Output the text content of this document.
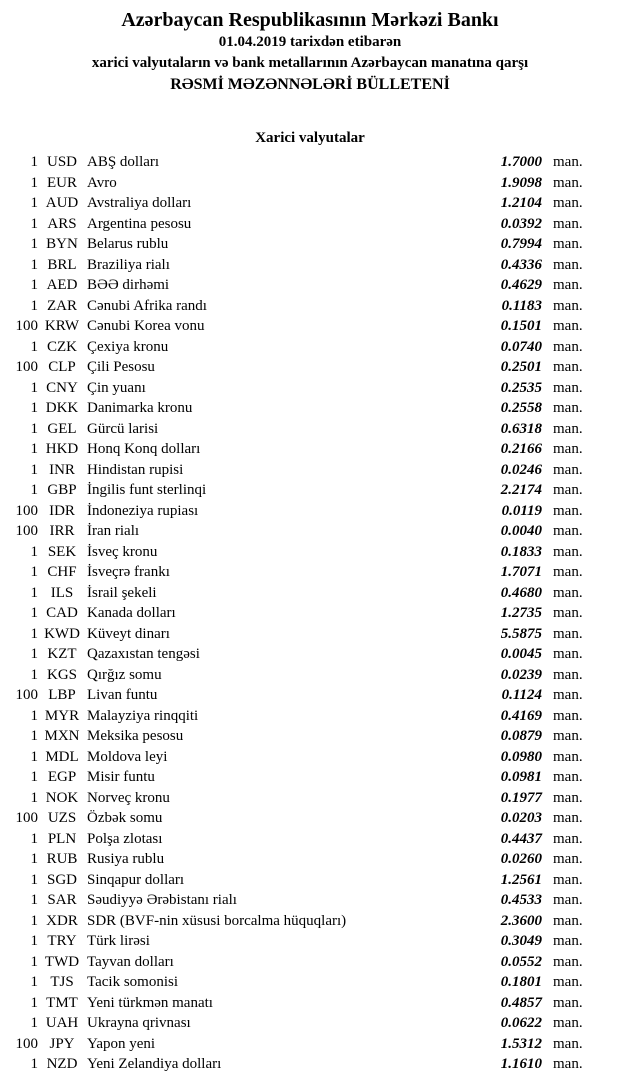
Azərbaycan Respublikasının Mərkəzi Bankı
01.04.2019 tarixdən etibarən
xarici valyutaların və bank metallarının Azərbaycan manatına qarşı
RƏSMİ MƏZƏNNƏLƏRİ BÜLLETENİ
Xarici valyutalar
1 USD ABŞ dolları	1.7000 man.
1 EUR Avro	1.9098 man.
1 AUD Avstraliya dolları	1.2104 man.
1 ARS Argentina pesosu	0.0392 man.
1 BYN Belarus rublu	0.7994 man.
1 BRL Braziliya rialı	0.4336 man.
1 AED BƏƏ dirhəmi	0.4629 man.
1 ZAR Cənubi Afrika randı	0.1183 man.
100 KRW Cənubi Korea vonu	0.1501 man.
1 CZK Çexiya kronu	0.0740 man.
100 CLP Çili Pesosu	0.2501 man.
1 CNY Çin yuanı	0.2535 man.
1 DKK Danimarka kronu	0.2558 man.
1 GEL Gürcü larisi	0.6318 man.
1 HKD Honq Konq dolları	0.2166 man.
1 INR Hindistan rupisi	0.0246 man.
1 GBP İngilis funt sterlinqi	2.2174 man.
100 IDR İndoneziya rupiası	0.0119 man.
100 IRR İran rialı	0.0040 man.
1 SEK İsveç kronu	0.1833 man.
1 CHF İsveçrə frankı	1.7071 man.
1 ILS İsrail şekeli	0.4680 man.
1 CAD Kanada dolları	1.2735 man.
1 KWD Küveyt dinarı	5.5875 man.
1 KZT Qazaxıstan tengəsi	0.0045 man.
1 KGS Qırğız somu	0.0239 man.
100 LBP Livan funtu	0.1124 man.
1 MYR Malayziya rinqqiti	0.4169 man.
1 MXN Meksika pesosu	0.0879 man.
1 MDL Moldova leyi	0.0980 man.
1 EGP Misir funtu	0.0981 man.
1 NOK Norveç kronu	0.1977 man.
100 UZS Özbək somu	0.0203 man.
1 PLN Polşa zlotası	0.4437 man.
1 RUB Rusiya rublu	0.0260 man.
1 SGD Sinqapur dolları	1.2561 man.
1 SAR Səudiyyə Ərəbistanı rialı	0.4533 man.
1 XDR SDR (BVF-nin xüsusi borcalma hüquqları)	2.3600 man.
1 TRY Türk lirəsi	0.3049 man.
1 TWD Tayvan dolları	0.0552 man.
1 TJS Tacik somonisi	0.1801 man.
1 TMT Yeni türkmən manatı	0.4857 man.
1 UAH Ukrayna qrivnası	0.0622 man.
100 JPY Yapon yeni	1.5312 man.
1 NZD Yeni Zelandiya dolları	1.1610 man.
